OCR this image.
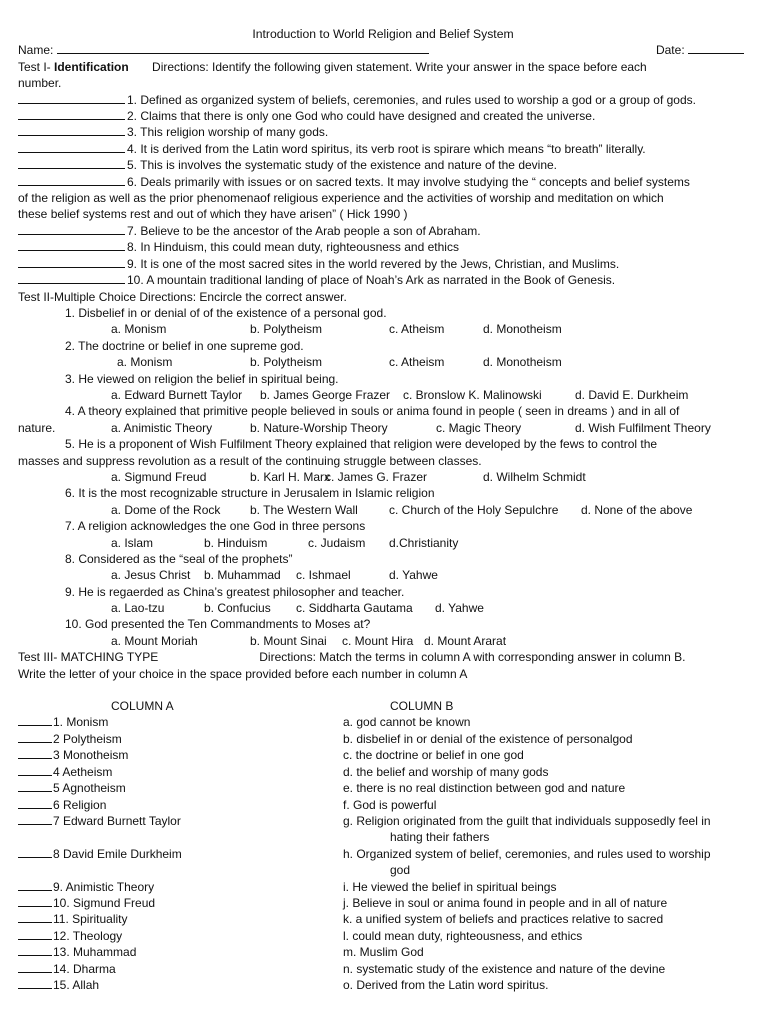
Introduction to World Religion and Belief System
Name:	Date:
Test I- Identification Directions: Identify the following given statement. Write your answer in the space before each
number.
1. Defined as organized system of beliefs, ceremonies, and rules used to worship a god or a group of gods.
2. Claims that there is only one God who could have designed and created the universe.
3. This religion worship of many gods.
4. It is derived from the Latin word spiritus, its verb root is spirare which means “to breath” literally.
5. This is involves the systematic study of the existence and nature of the devine.
6. Deals primarily with issues or on sacred texts. It may involve studying the “ concepts and belief systems
of the religion as well as the prior phenomenaof religious experience and the activities of worship and meditation on which
these belief systems rest and out of which they have arisen” ( Hick 1990 )
7. Believe to be the ancestor of the Arab people a son of Abraham.
8. In Hinduism, this could mean duty, righteousness and ethics
9. It is one of the most sacred sites in the world revered by the Jews, Christian, and Muslims.
10. A mountain traditional landing of place of Noah’s Ark as narrated in the Book of Genesis.
Test II-Multiple Choice Directions: Encircle the correct answer.
1. Disbelief in or denial of of the existence of a personal god.
a. Monism	b. Polytheism	c. Atheism	d. Monotheism
2. The doctrine or belief in one supreme god.
a. Monism	b. Polytheism	c. Atheism	d. Monotheism
3. He viewed on religion the belief in spiritual being.
a. Edward Burnett Taylor b. James George Frazer c. Bronslow K. Malinowski	d. David E. Durkheim
4. A theory explained that primitive people believed in souls or anima found in people ( seen in dreams ) and in all of
nature.	a. Animistic Theory	b. Nature-Worship Theory	c. Magic Theory	d. Wish Fulfilment Theory
5. He is a proponent of Wish Fulfilment Theory explained that religion were developed by the fews to control the
masses and suppress revolution as a result of the continuing struggle between classes.
a. Sigmund Freud	b. Karl H. Marx
c. James G. Frazer	d. Wilhelm Schmidt
6. It is the most recognizable structure in Jerusalem in Islamic religion
a. Dome of the Rock b. The Western Wall	c. Church of the Holy Sepulchre d. None of the above
7. A religion acknowledges the one God in three persons
a. Islam	b. Hinduism	c. Judaism d.Christianity
8. Considered as the “seal of the prophets”
a. Jesus Christ b. Muhammad c. Ishmael	d. Yahwe
9. He is regaerded as China’s greatest philosopher and teacher.
a. Lao-tzu	b. Confucius c. Siddharta Gautama d. Yahwe
10. God presented the Ten Commandments to Moses at?
a. Mount Moriah	b. Mount Sinai c. Mount Hira d. Mount Ararat
Test III- MATCHING TYPE	Directions: Match the terms in column A with corresponding answer in column B.
Write the letter of your choice in the space provided before each number in column A
COLUMN A	COLUMN B
1. Monism	a. god cannot be known
2 Polytheism	b. disbelief in or denial of the existence of personalgod
3 Monotheism	c. the doctrine or belief in one god
4 Aetheism	d. the belief and worship of many gods
5 Agnotheism	e. there is no real distinction between god and nature
6 Religion	f. God is powerful
7 Edward Burnett Taylor	g. Religion originated from the guilt that individuals supposedly feel in
hating their fathers
8 David Emile Durkheim	h. Organized system of belief, ceremonies, and rules used to worship
god
9. Animistic Theory	i. He viewed the belief in spiritual beings
10. Sigmund Freud	j. Believe in soul or anima found in people and in all of nature
11. Spirituality	k. a unified system of beliefs and practices relative to sacred
12. Theology	l. could mean duty, righteousness, and ethics
13. Muhammad	m. Muslim God
14. Dharma	n. systematic study of the existence and nature of the devine
15. Allah	o. Derived from the Latin word spiritus.
